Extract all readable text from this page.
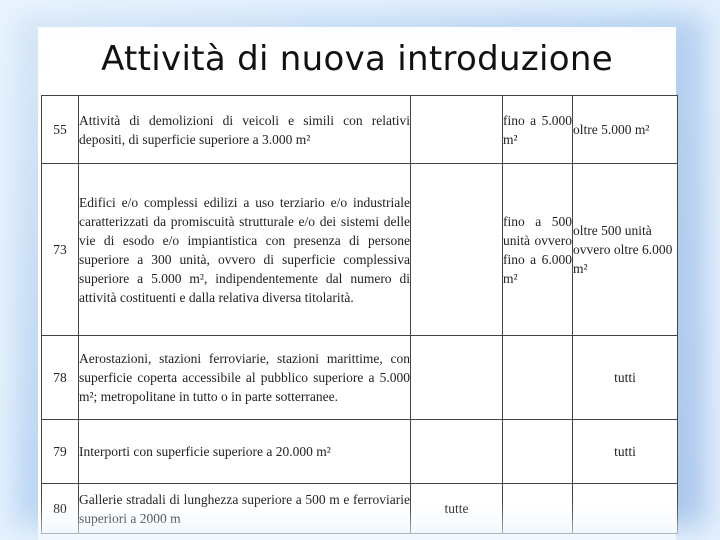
Attività di nuova introduzione
55	Attività di demolizioni di veicoli e simili con relativi depositi, di superficie superiore a 3.000 m²		fino a 5.000 m²	oltre 5.000 m²
73	Edifici e/o complessi edilizi a uso terziario e/o industriale caratterizzati da promiscuità strutturale e/o dei sistemi delle vie di esodo e/o impiantistica con presenza di persone superiore a 300 unità, ovvero di superficie complessiva superiore a 5.000 m², indipendentemente dal numero di attività costituenti e dalla relativa diversa titolarità.		fino a 500 unità ovvero fino a 6.000 m²	oltre 500 unità ovvero oltre 6.000 m²
78	Aerostazioni, stazioni ferroviarie, stazioni marittime, con superficie coperta accessibile al pubblico superiore a 5.000 m²; metropolitane in tutto o in parte sotterranee.			tutti
79	Interporti con superficie superiore a 20.000 m²			tutti
80	Gallerie stradali di lunghezza superiore a 500 m e ferroviarie superiori a 2000 m	tutte		
